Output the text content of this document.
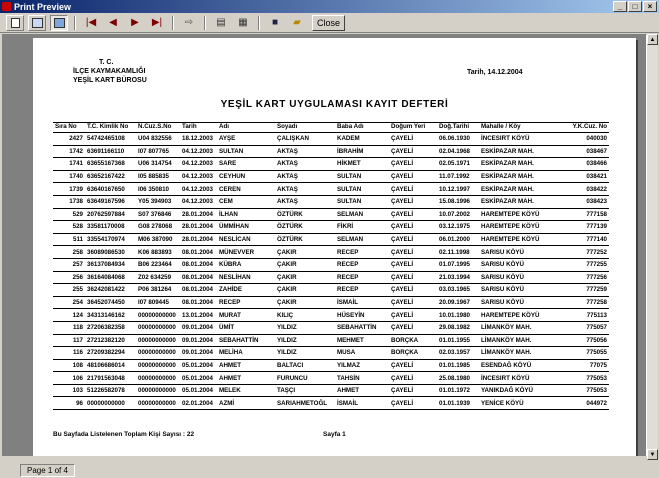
Print Preview	_	□	×
|◀	◀	▶	▶|	⇨	▤	▦	■	▰	Close
T. C.
İLÇE KAYMAKAMLIĞI
YEŞİL KART BÜROSU
Tarih, 14.12.2004
YEŞİL KART UYGULAMASI KAYIT DEFTERİ
Sıra No	T.C. Kimlik No	N.Cuz.S.No	Tarih	Adı	Soyadı	Baba Adı	Doğum Yeri	Doğ.Tarihi	Mahalle / Köy	Y.K.Cuz. No

2427	54742465108	U04 832556	18.12.2003	AYŞE	ÇALIŞKAN	KADEM	ÇAYELİ	06.06.1930	İNCESIRT KÖYÜ	040030
1742	63691166110	I07 807765	04.12.2003	SULTAN	AKTAŞ	İBRAHİM	ÇAYELİ	02.04.1968	ESKİPAZAR MAH.	038467
1741	63655167368	U06 314754	04.12.2003	SARE	AKTAŞ	HİKMET	ÇAYELİ	02.05.1971	ESKİPAZAR MAH.	038466
1740	63652167422	I05 885835	04.12.2003	CEYHUN	AKTAŞ	SULTAN	ÇAYELİ	11.07.1992	ESKİPAZAR MAH.	038421
1739	63640167650	I06 350810	04.12.2003	CEREN	AKTAŞ	SULTAN	ÇAYELİ	10.12.1997	ESKİPAZAR MAH.	038422
1738	63649167596	Y05 394903	04.12.2003	CEM	AKTAŞ	SULTAN	ÇAYELİ	15.08.1996	ESKİPAZAR MAH.	038423
529	20762597884	S07 376846	28.01.2004	İLHAN	ÖZTÜRK	SELMAN	ÇAYELİ	10.07.2002	HAREMTEPE KÖYÜ	777158
528	33581170008	G08 278068	28.01.2004	ÜMMİHAN	ÖZTÜRK	FİKRİ	ÇAYELİ	03.12.1975	HAREMTEPE KÖYÜ	777139
511	33554170974	M06 387090	28.01.2004	NESLİCAN	ÖZTÜRK	SELMAN	ÇAYELİ	06.01.2000	HAREMTEPE KÖYÜ	777140
258	36089086530	K06 883893	08.01.2004	MÜNEVVER	ÇAKIR	RECEP	ÇAYELİ	02.11.1998	SARISU KÖYÜ	777252
257	36137084934	B06 223464	08.01.2004	KÜBRA	ÇAKIR	RECEP	ÇAYELİ	01.07.1995	SARISU KÖYÜ	777255
256	36164084068	Z02 634259	08.01.2004	NESLİHAN	ÇAKIR	RECEP	ÇAYELİ	21.03.1994	SARISU KÖYÜ	777256
255	36242081422	P06 381264	08.01.2004	ZAHİDE	ÇAKIR	RECEP	ÇAYELİ	03.03.1965	SARISU KÖYÜ	777259
254	36452074450	I07 809445	08.01.2004	RECEP	ÇAKIR	İSMAİL	ÇAYELİ	20.09.1967	SARISU KÖYÜ	777258
124	34313146162	00000000000	13.01.2004	MURAT	KILIÇ	HÜSEYİN	ÇAYELİ	10.01.1980	HAREMTEPE KÖYÜ	775113
118	27206382358	00000000000	09.01.2004	ÜMİT	YILDIZ	SEBAHATTİN	ÇAYELİ	29.08.1982	LİMANKÖY MAH.	775057
117	27212382120	00000000000	09.01.2004	SEBAHATTİN	YILDIZ	MEHMET	BORÇKA	01.01.1955	LİMANKÖY MAH.	775056
116	27209382294	00000000000	09.01.2004	MELİHA	YILDIZ	MUSA	BORÇKA	02.03.1957	LİMANKÖY MAH.	775055
108	48106686014	00000000000	05.01.2004	AHMET	BALTACI	YILMAZ	ÇAYELİ	01.01.1985	ESENDAĞ KÖYÜ	77075
106	21791563048	00000000000	05.01.2004	AHMET	FURUNCU	TAHSİN	ÇAYELİ	25.08.1980	İNCESIRT KÖYÜ	775053
103	51226582078	00000000000	05.01.2004	MELEK	TAŞÇI	AHMET	ÇAYELİ	01.01.1972	YANIKDAĞ KÖYÜ	775053
96	00000000000	00000000000	02.01.2004	AZMİ	SARIAHMETOĞL	İSMAİL	ÇAYELİ	01.01.1939	YENİCE KÖYÜ	044972
Bu Sayfada Listelenen Toplam Kişi Sayısı : 22	Sayfa 1
▲
▼
Page 1 of 4
